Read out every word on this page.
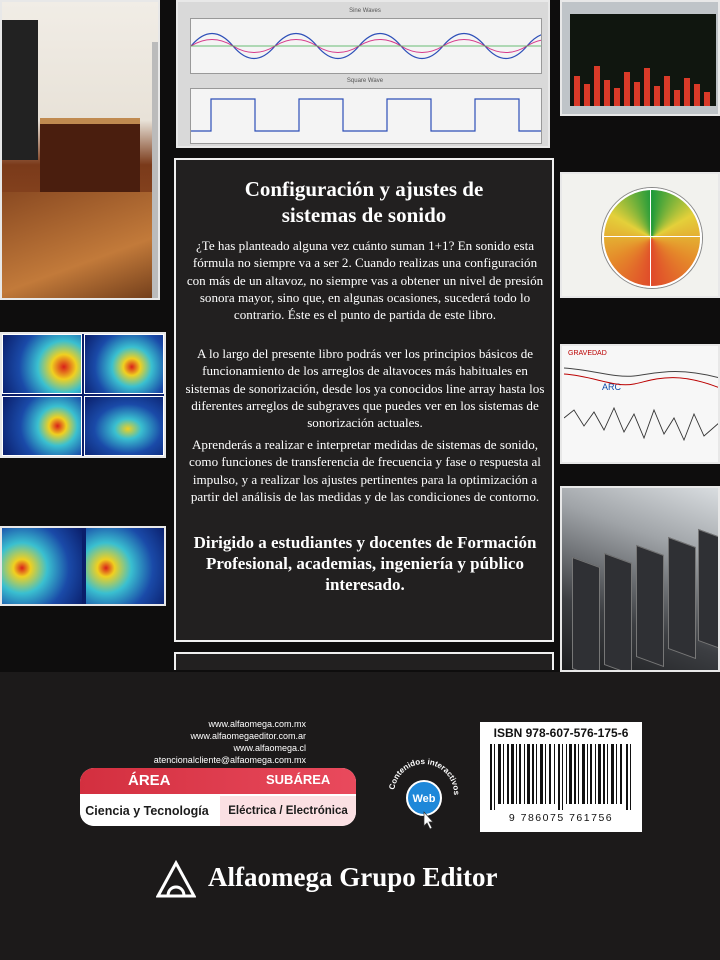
Sine Waves
Square Wave
GRAVEDAD
ARC
Configuración y ajustes de
sistemas de sonido

¿Te has planteado alguna vez cuánto suman 1+1? En sonido esta fórmula no siempre va a ser 2. Cuando realizas una configuración con más de un altavoz, no siempre vas a obtener un nivel de presión sonora mayor, sino que, en algunas ocasiones, sucederá todo lo contrario. Éste es el punto de partida de este libro.

A lo largo del presente libro podrás ver los principios básicos de funcionamiento de los arreglos de altavoces más habituales en sistemas de sonorización, desde los ya conocidos line array hasta los diferentes arreglos de subgraves que puedes ver en los sistemas de sonorización actuales.

Aprenderás a realizar e interpretar medidas de sistemas de sonido, como funciones de transferencia de frecuencia y fase o respuesta al impulso, y a realizar los ajustes pertinentes para la optimización a partir del análisis de las medidas y de las condiciones de contorno.

Dirigido a estudiantes y docentes de Formación Profesional, academias, ingeniería y público interesado.

www.alfaomega.com.mx
www.alfaomegaeditor.com.ar
www.alfaomega.cl
atencionalcliente@alfaomega.com.mx
ÁREA	SUBÁREA
Ciencia y Tecnología	Eléctrica / Electrónica
Contenidos interactivos
Web
ISBN 978-607-576-175-6
9 786075 761756
Alfaomega Grupo Editor
